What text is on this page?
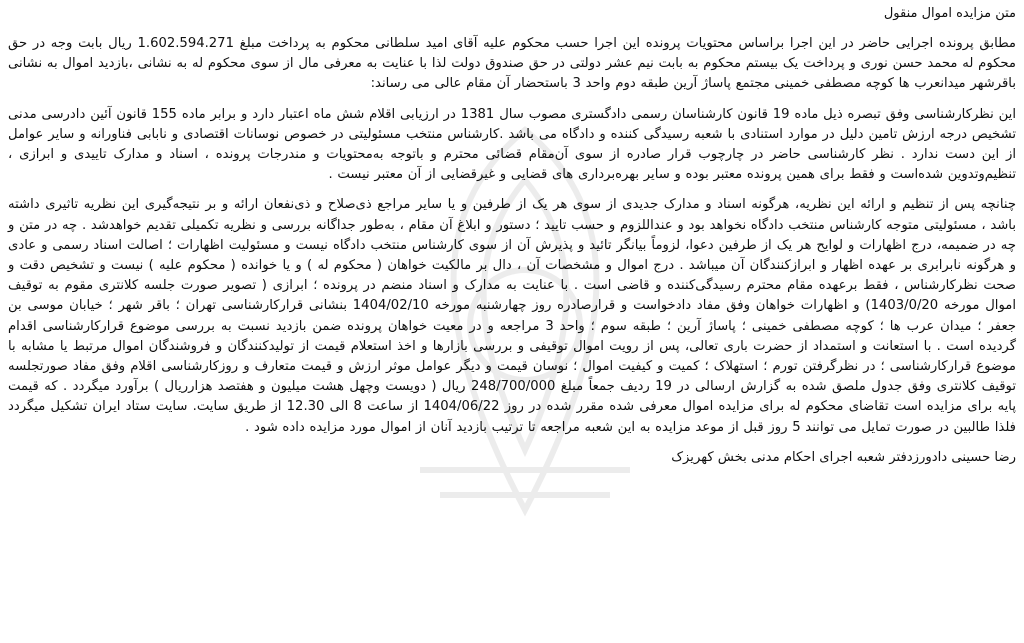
متن مزایده اموال منقول

مطابق پرونده اجرایی حاضر در این اجرا براساس محتویات پرونده این اجرا حسب محکوم علیه آقای امید سلطانی محکوم به پرداخت مبلغ 1.602.594.271 ریال بابت وجه در حق محکوم له محمد حسن نوری و پرداخت یک بیستم محکوم به بابت نیم عشر دولتی در حق صندوق دولت لذا با عنایت به معرفی مال از سوی محکوم له به نشانی ،بازدید اموال به نشانی باقرشهر میدانعرب ها کوچه مصطفی خمینی مجتمع پاساژ آرین طبقه دوم واحد 3 باستحضار آن مقام عالی می رساند:

این نظرکارشناسی وفق تبصره ذیل ماده 19 قانون کارشناسان رسمی دادگستری مصوب سال 1381 در ارزیابی اقلام شش ماه اعتبار دارد و برابر ماده 155 قانون آئین دادرسی مدنی تشخیص درجه ارزش تامین دلیل در موارد استنادی با شعبه رسیدگی کننده و دادگاه می باشد .کارشناس منتخب مسئولیتی در خصوص نوسانات اقتصادی و نابابی فناورانه و سایر عوامل از این دست ندارد . نظر کارشناسی حاضر در چارچوب قرار صادره از سوی آن‌مقام قضائی محترم و باتوجه به‌محتویات و مندرجات پرونده ، اسناد و مدارک تاییدی و ابرازی ، تنظیم‌وتدوین شده‌است و فقط برای همین پرونده معتبر بوده و سایر بهره‌برداری های قضایی و غیرقضایی از آن معتبر نیست .

چنانچه پس از تنظیم و ارائه این نظریه، هرگونه اسناد و مدارک جدیدی از سوی هر یک از طرفین و یا سایر مراجع ذی‌صلاح و ذی‌نفعان ارائه و بر نتیجه‌گیری این نظریه تاثیری داشته باشد ، مسئولیتی متوجه کارشناس منتخب دادگاه نخواهد بود و عنداللزوم و حسب تایید ؛ دستور و ابلاغ آن مقام ، به‌طور جداگانه بررسی و نظریه تکمیلی تقدیم خواهدشد . چه در متن و چه در ضمیمه، درج اظهارات و لوایح هر یک از طرفین دعوا، لزوماً بیانگر تائید و پذیرش آن از سوی کارشناس منتخب دادگاه نیست و مسئولیت اظهارات ؛ اصالت اسناد رسمی و عادی و هرگونه نابرابری بر عهده اظهار و ابرازکنندگان آن میباشد . درج اموال و مشخصات آن ، دال بر مالکیت خواهان ( محکوم له ) و یا خوانده ( محکوم علیه ) نیست و تشخیص دقت و صحت نظرکارشناس ، فقط برعهده مقام محترم رسیدگی‌کننده و قاضی است . با عنایت به مدارک و اسناد منضم در پرونده ؛ ابرازی ( تصویر صورت جلسه کلانتری مقوم به توقیف اموال مورخه 1403/0/20) و اظهارات خواهان وفق مفاد دادخواست و قرارصادره روز چهارشنبه مورخه 1404/02/10 بنشانی قرارکارشناسی تهران ؛ باقر شهر ؛ خیابان موسی بن جعفر ؛ میدان عرب ها ؛ کوچه مصطفی خمینی ؛ پاساژ آرین ؛ طبقه سوم ؛ واحد 3 مراجعه و در معیت خواهان پرونده ضمن بازدید نسبت به بررسی موضوع قرارکارشناسی اقدام گردیده است . با استعانت و استمداد از حضرت باری تعالی، پس از رویت اموال توقیفی و بررسی بازارها و اخذ استعلام قیمت از تولیدکنندگان و فروشندگان اموال مرتبط یا مشابه با موضوع قرارکارشناسی ؛ در نظرگرفتن تورم ؛ استهلاک ؛ کمیت و کیفیت اموال ؛ نوسان قیمت و دیگر عوامل موثر ارزش و قیمت متعارف و روزکارشناسی اقلام وفق مفاد صورتجلسه توقیف کلانتری وفق جدول ملصق شده به گزارش ارسالی در 19 ردیف جمعاً مبلغ 248/700/000 ریال ( دویست وچهل هشت میلیون و هفتصد هزارریال ) برآورد میگردد . که قیمت پایه برای مزایده است تقاضای محکوم له برای مزایده اموال معرفی شده مقرر شده در روز 1404/06/22 از ساعت 8 الی 12.30 از طریق سایت. سایت ستاد ایران تشکیل میگردد فلذا طالبین در صورت تمایل می توانند 5 روز قبل از موعد مزایده به این شعبه مراجعه تا ترتیب بازدید آنان از اموال مورد مزایده داده شود .

رضا حسینی دادورزدفتر شعبه اجرای احکام مدنی بخش کهریزک
